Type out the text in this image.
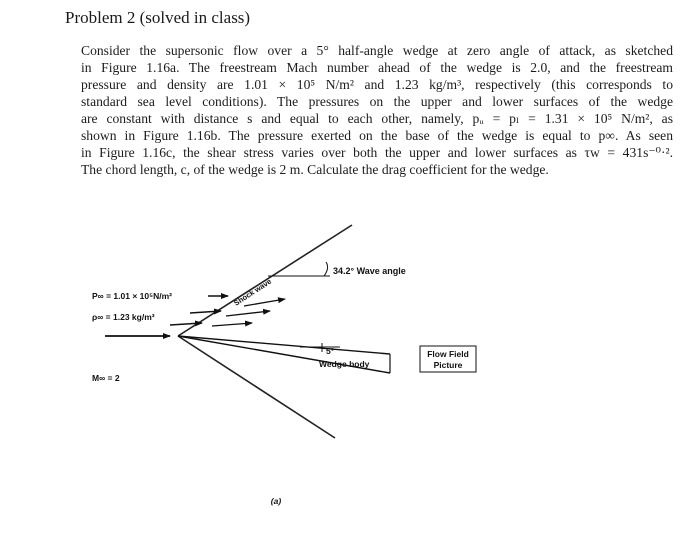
Problem 2 (solved in class)
Consider the supersonic flow over a 5° half-angle wedge at zero angle of attack, as sketched
in Figure 1.16a. The freestream Mach number ahead of the wedge is 2.0, and the freestream
pressure and density are 1.01 × 10⁵ N/m² and 1.23 kg/m³, respectively (this corresponds to
standard sea level conditions). The pressures on the upper and lower surfaces of the wedge
are constant with distance s and equal to each other, namely, pᵤ = pₗ = 1.31 × 10⁵ N/m², as
shown in Figure 1.16b. The pressure exerted on the base of the wedge is equal to p∞. As seen
in Figure 1.16c, the shear stress varies over both the upper and lower surfaces as τw = 431s⁻⁰·².
The chord length, c, of the wedge is 2 m. Calculate the drag coefficient for the wedge.
34.2° Wave angle
Shock wave
P∞ = 1.01 × 10⁵N/m²
ρ∞ = 1.23 kg/m³
M∞ = 2
5°
Wedge body
Flow Field
Picture
(a)
